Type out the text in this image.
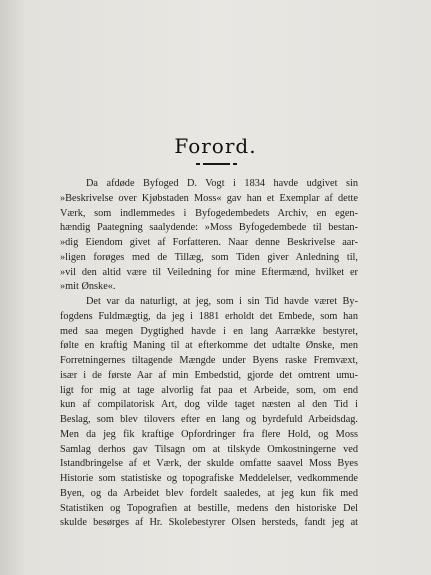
Forord.
Da afdøde Byfoged D. Vogt i 1834 havde udgivet sin
»Beskrivelse over Kjøbstaden Moss« gav han et Exemplar af dette
Værk, som indlemmedes i Byfogedembedets Archiv, en egen-
hændig Paategning saalydende: »Moss Byfogedembede til bestan-
»dig Eiendom givet af Forfatteren. Naar denne Beskrivelse aar-
»ligen forøges med de Tillæg, som Tiden giver Anledning til,
»vil den altid være til Veiledning for mine Eftermænd, hvilket er
»mit Ønske«.
Det var da naturligt, at jeg, som i sin Tid havde været By-
fogdens Fuldmægtig, da jeg i 1881 erholdt det Embede, som han
med saa megen Dygtighed havde i en lang Aarrække bestyret,
følte en kraftig Maning til at efterkomme det udtalte Ønske, men
Forretningernes tiltagende Mængde under Byens raske Fremvæxt,
især i de første Aar af min Embedstid, gjorde det omtrent umu-
ligt for mig at tage alvorlig fat paa et Arbeide, som, om end
kun af compilatorisk Art, dog vilde taget næsten al den Tid i
Beslag, som blev tilovers efter en lang og byrdefuld Arbeidsdag.
Men da jeg fik kraftige Opfordringer fra flere Hold, og Moss
Samlag derhos gav Tilsagn om at tilskyde Omkostningerne ved
Istandbringelse af et Værk, der skulde omfatte saavel Moss Byes
Historie som statistiske og topografiske Meddelelser, vedkommende
Byen, og da Arbeidet blev fordelt saaledes, at jeg kun fik med
Statistiken og Topografien at bestille, medens den historiske Del
skulde besørges af Hr. Skolebestyrer Olsen hersteds, fandt jeg at
